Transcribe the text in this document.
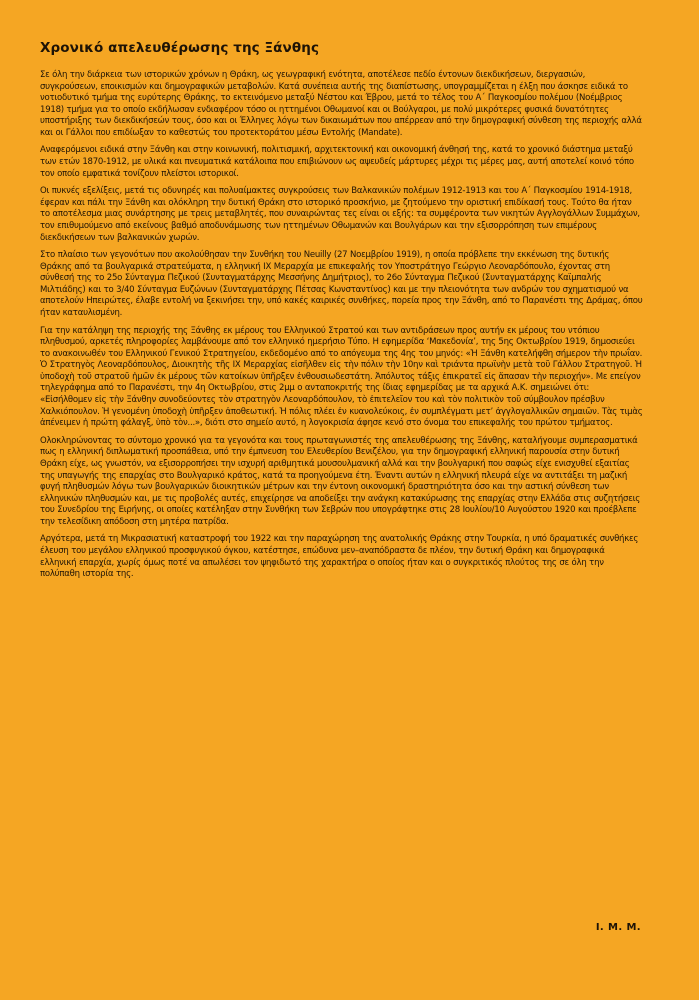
Χρονικό απελευθέρωσης της Ξάνθης

Σε όλη την διάρκεια των ιστορικών χρόνων η Θράκη, ως γεωγραφική ενότητα, αποτέλεσε πεδίο έντονων διεκδικήσεων, διεργασιών, συγκρούσεων, εποικισμών και δημογραφικών μεταβολών. Κατά συνέπεια αυτής της διαπίστωσης, υπογραμμίζεται η έλξη που άσκησε ειδικά το νοτιοδυτικό τμήμα της ευρύτερης Θράκης, το εκτεινόμενο μεταξύ Νέστου και Έβρου, μετά το τέλος του Α΄ Παγκοσμίου πολέμου (Νοέμβριος 1918) τμήμα για το οποίο εκδήλωσαν ενδιαφέρον τόσο οι ηττημένοι Οθωμανοί και οι Βούλγαροι, με πολύ μικρότερες φυσικά δυνατότητες υποστήριξης των διεκδικήσεών τους, όσο και οι Έλληνες λόγω των δικαιωμάτων που απέρρεαν από την δημογραφική σύνθεση της περιοχής αλλά και οι Γάλλοι που επιδίωξαν το καθεστώς του προτεκτοράτου μέσω Εντολής (Mandate).

Αναφερόμενοι ειδικά στην Ξάνθη και στην κοινωνική, πολιτισμική, αρχιτεκτονική και οικονομική άνθησή της, κατά το χρονικό διάστημα μεταξύ των ετών 1870-1912, με υλικά και πνευματικά κατάλοιπα που επιβιώνουν ως αψευδείς μάρτυρες μέχρι τις μέρες μας, αυτή αποτελεί κοινό τόπο τον οποίο εμφατικά τονίζουν πλείστοι ιστορικοί.

Οι πυκνές εξελίξεις, μετά τις οδυνηρές και πολυαίμακτες συγκρούσεις των Βαλκανικών πολέμων 1912-1913 και του Α΄ Παγκοσμίου 1914-1918, έφεραν και πάλι την Ξάνθη και ολόκληρη την δυτική Θράκη στο ιστορικό προσκήνιο, με ζητούμενο την οριστική επιδίκασή τους. Τούτο θα ήταν το αποτέλεσμα μιας συνάρτησης με τρεις μεταβλητές, που συναιρώντας τες είναι οι εξής: τα συμφέροντα των νικητών Αγγλογάλλων Συμμάχων, τον επιθυμούμενο από εκείνους βαθμό αποδυνάμωσης των ηττημένων Οθωμανών και Βουλγάρων και την εξισορρόπηση των επιμέρους διεκδικήσεων των βαλκανικών χωρών.

Στο πλαίσιο των γεγονότων που ακολούθησαν την Συνθήκη του Neuilly (27 Νοεμβρίου 1919), η οποία πρόβλεπε την εκκένωση της δυτικής Θράκης από τα βουλγαρικά στρατεύματα, η ελληνική ΙΧ Μεραρχία με επικεφαλής τον Υποστράτηγο Γεώργιο Λεοναρδόπουλο, έχοντας στη σύνθεσή της το 25ο Σύνταγμα Πεζικού (Συνταγματάρχης Μεσσήνης Δημήτριος), το 26ο Σύνταγμα Πεζικού (Συνταγματάρχης Καϊμπαλής Μιλτιάδης) και το 3/40 Σύνταγμα Ευζώνων (Συνταγματάρχης Πέτσας Κωνσταντίνος) και με την πλειονότητα των ανδρών του σχηματισμού να αποτελούν Ηπειρώτες, έλαβε εντολή να ξεκινήσει την, υπό κακές καιρικές συνθήκες, πορεία προς την Ξάνθη, από το Παρανέστι της Δράμας, όπου ήταν καταυλισμένη.

Για την κατάληψη της περιοχής της Ξάνθης εκ μέρους του Ελληνικού Στρατού και των αντιδράσεων προς αυτήν εκ μέρους του ντόπιου πληθυσμού, αρκετές πληροφορίες λαμβάνουμε από τον ελληνικό ημερήσιο Τύπο. Η εφημερίδα ‘Μακεδονία’, της 5ης Οκτωβρίου 1919, δημοσιεύει το ανακοινωθέν του Ελληνικού Γενικού Στρατηγείου, εκδεδομένο από το απόγευμα της 4ης του μηνός: «Ἡ Ξάνθη κατελήφθη σήμερον τὴν πρωΐαν. Ὁ Στρατηγὸς Λεοναρδόπουλος, Διοικητὴς τῆς ΙΧ Μεραρχίας εἰσῆλθεν εἰς τὴν πόλιν τὴν 10ην καὶ τριάντα πρωϊνὴν μετὰ τοῦ Γάλλου Στρατηγοῦ. Ἡ ὑποδοχὴ τοῦ στρατοῦ ἡμῶν ἐκ μέρους τῶν κατοίκων ὑπῆρξεν ἐνθουσιωδεστάτη. Ἀπόλυτος τάξις ἐπικρατεῖ εἰς ἅπασαν τὴν περιοχήν». Με επείγον τηλεγράφημα από το Παρανέστι, την 4η Οκτωβρίου, στις 2μμ ο ανταποκριτής της ίδιας εφημερίδας με τα αρχικά Α.Κ. σημειώνει ότι: «Εἰσήλθομεν εἰς τὴν Ξάνθην συνοδεύοντες τὸν στρατηγὸν Λεοναρδόπουλον, τὸ ἐπιτελεῖον του καὶ τὸν πολιτικὸν τοῦ σύμβουλον πρέσβυν Χαλκιόπουλον. Ἡ γενομένη ὑποδοχὴ ὑπῆρξεν ἀποθεωτική. Ἡ πόλις πλέει ἐν κυανολεύκοις, ἐν συμπλέγματι μετ’ ἀγγλογαλλικῶν σημαιῶν. Τὰς τιμὰς ἀπένειμεν ἡ πρώτη φάλαγξ, ὑπὸ τὸν...», διότι στο σημείο αυτό, η λογοκρισία άφησε κενό στο όνομα του επικεφαλής του πρώτου τμήματος.

Ολοκληρώνοντας το σύντομο χρονικό για τα γεγονότα και τους πρωταγωνιστές της απελευθέρωσης της Ξάνθης, καταλήγουμε συμπερασματικά πως η ελληνική διπλωματική προσπάθεια, υπό την έμπνευση του Ελευθερίου Βενιζέλου, για την δημογραφική ελληνική παρουσία στην δυτική Θράκη είχε, ως γνωστόν, να εξισορροπήσει την ισχυρή αριθμητικά μουσουλμανική αλλά και την βουλγαρική που σαφώς είχε ενισχυθεί εξαιτίας της υπαγωγής της επαρχίας στο Βουλγαρικό κράτος, κατά τα προηγούμενα έτη. Έναντι αυτών η ελληνική πλευρά είχε να αντιτάξει τη μαζική φυγή πληθυσμών λόγω των βουλγαρικών διοικητικών μέτρων και την έντονη οικονομική δραστηριότητα όσο και την αστική σύνθεση των ελληνικών πληθυσμών και, με τις προβολές αυτές, επιχείρησε να αποδείξει την ανάγκη κατακύρωσης της επαρχίας στην Ελλάδα στις συζητήσεις του Συνεδρίου της Ειρήνης, οι οποίες κατέληξαν στην Συνθήκη των Σεβρών που υπογράφτηκε στις 28 Ιουλίου/10 Αυγούστου 1920 και προέβλεπε την τελεσίδικη απόδοση στη μητέρα πατρίδα.

Αργότερα, μετά τη Μικρασιατική καταστροφή του 1922 και την παραχώρηση της ανατολικής Θράκης στην Τουρκία, η υπό δραματικές συνθήκες έλευση του μεγάλου ελληνικού προσφυγικού όγκου, κατέστησε, επώδυνα μεν–αναπόδραστα δε πλέον, την δυτική Θράκη και δημογραφικά ελληνική επαρχία, χωρίς όμως ποτέ να απωλέσει τον ψηφιδωτό της χαρακτήρα ο οποίος ήταν και ο συγκριτικός πλούτος της σε όλη την πολύπαθη ιστορία της.

Ι. Μ. Μ.
